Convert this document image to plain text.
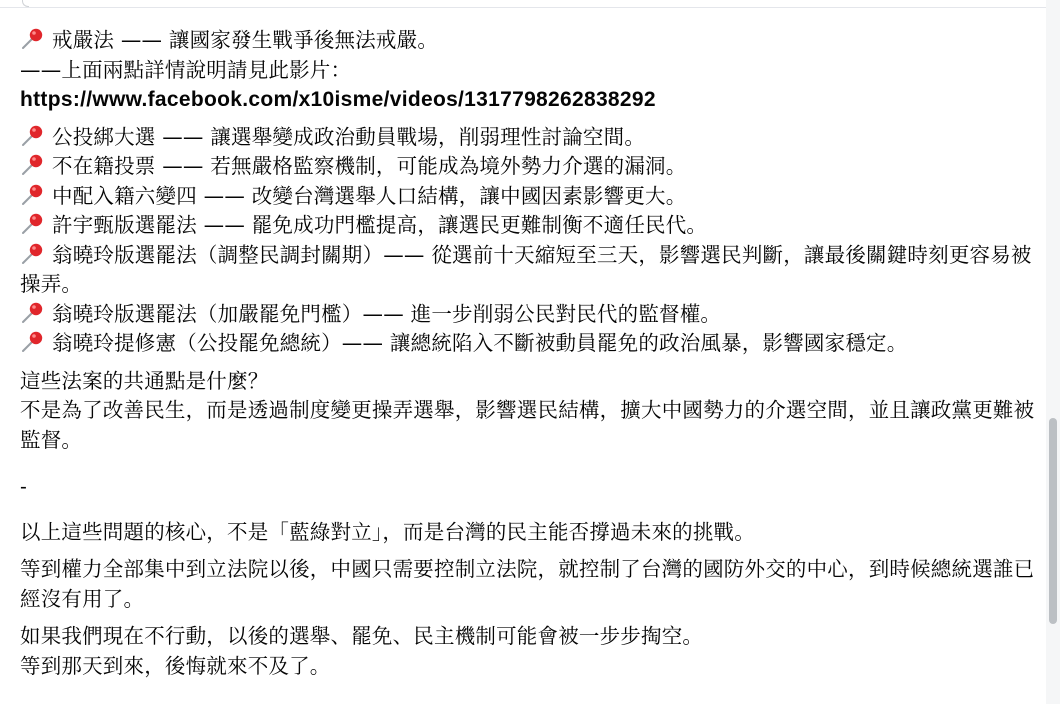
戒嚴法 —— 讓國家發生戰爭後無法戒嚴。

——上面兩點詳情說明請見此影片：

https://www.facebook.com/x10isme/videos/1317798262838292

公投綁大選 —— 讓選舉變成政治動員戰場，削弱理性討論空間。

不在籍投票 —— 若無嚴格監察機制，可能成為境外勢力介選的漏洞。

中配入籍六變四 —— 改變台灣選舉人口結構，讓中國因素影響更大。

許宇甄版選罷法 —— 罷免成功門檻提高，讓選民更難制衡不適任民代。

翁曉玲版選罷法（調整民調封關期）—— 從選前十天縮短至三天，影響選民判斷，讓最後關鍵時刻更容易被操弄。

翁曉玲版選罷法（加嚴罷免門檻）—— 進一步削弱公民對民代的監督權。

翁曉玲提修憲（公投罷免總統）—— 讓總統陷入不斷被動員罷免的政治風暴，影響國家穩定。

這些法案的共通點是什麼？

不是為了改善民生，而是透過制度變更操弄選舉，影響選民結構，擴大中國勢力的介選空間，並且讓政黨更難被監督。

-

以上這些問題的核心，不是「藍綠對立」，而是台灣的民主能否撐過未來的挑戰。

等到權力全部集中到立法院以後，中國只需要控制立法院，就控制了台灣的國防外交的中心，到時候總統選誰已經沒有用了。

如果我們現在不行動，以後的選舉、罷免、民主機制可能會被一步步掏空。

等到那天到來，後悔就來不及了。
